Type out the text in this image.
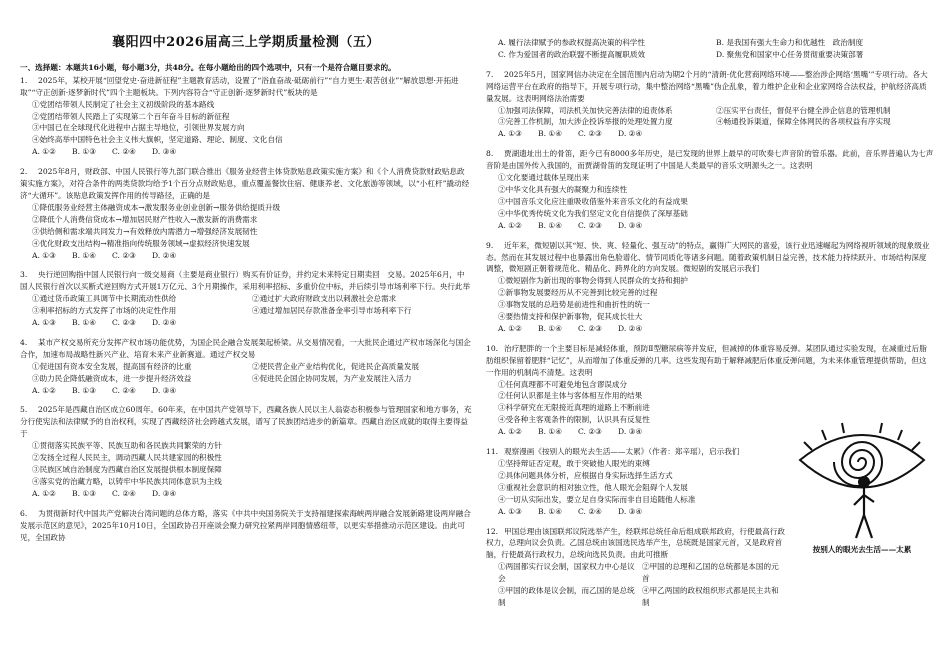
襄阳四中2026届高三上学期质量检测（五）
一、选择题：本题共16小题，每小题3分，共48分。在每小题给出的四个选项中，只有一个是符合题目要求的。
1. 2025年，某校开展“回望党史·奋进新征程”主题教育活动，设置了“浴血奋战·砥砺前行”“自力更生·艰苦创业”“解放思想·开拓进取”“守正创新·逐梦新时代”四个主题板块。下列内容符合“守正创新·逐梦新时代”板块的是
①党团结带领人民制定了社会主义初级阶段的基本路线
②党团结带领人民踏上了实现第二个百年奋斗目标的新征程
③中国已在全球现代化进程中占据主导地位，引领世界发展方向
④始终高举中国特色社会主义伟大旗帜，坚定道路、理论、制度、文化自信
A. ①②	B. ①③	C. ②④	D. ③④
2. 2025年8月，财政部、中国人民银行等九部门联合推出《服务业经营主体贷款贴息政策实施方案》和《个人消费贷款财政贴息政策实施方案》，对符合条件的两类贷款均给予1个百分点财政贴息，重点覆盖餐饮住宿、健康养老、文化旅游等领域，以“小杠杆”撬动经济“大循环”。该贴息政策发挥作用的传导路径，正确的是
①降低服务业经营主体融资成本→激发服务业创业创新→服务供给提质升级
②降低个人消费信贷成本→增加居民财产性收入→激发新的消费需求
③供给侧和需求端共同发力→有效释放内需潜力→增强经济发展韧性
④优化财政支出结构→精准指向传统服务领域→虚拟经济快速发展
A. ①③	B. ①④	C. ②③	D. ②④
3. 央行逆回购指中国人民银行向一级交易商（主要是商业银行）购买有价证券，并约定未来特定日期卖回　交易。2025年6月，中国人民银行首次以买断式逆回购方式开展1万亿元、3个月期操作，采用利率招标、多重价位中标，并后续引导市场利率下行。央行此举
①通过货币政策工具调节中长期流动性供给	②通过扩大政府财政支出以刺激社会总需求
③利率招标的方式发挥了市场的决定性作用	④通过增加居民存款准备金率引导市场利率下行
A. ①③	B. ①④	C. ②③	D. ②④
4. 某市产权交易所充分发挥产权市场功能优势，为国企民企融合发展架起桥梁。从交易情况看，一大批民企通过产权市场深化与国企合作，加速布局战略性新兴产业、培育未来产业新赛道。通过产权交易
①促进国有资本安全发展，提高国有经济的比重	②使民营企业产业结构优化，促进民企高质量发展
③助力民企降低融资成本，进一步提升经济效益	④促进民企国企协同发展，为产业发展注入活力
A. ①②	B. ①③	C. ②④	D. ③④
5. 2025年是西藏自治区成立60周年。60年来，在中国共产党领导下，西藏各族人民以主人翁姿态积极参与管理国家和地方事务，充分行使宪法和法律赋予的自治权利，实现了西藏经济社会跨越式发展，谱写了民族团结进步的新篇章。西藏自治区成就的取得主要得益于
①贯彻落实民族平等、民族互助和各民族共同繁荣的方针
②发扬全过程人民民主，调动西藏人民共建家园的积极性
③民族区域自治制度为西藏自治区发展提供根本制度保障
④落实党的治藏方略，以铸牢中华民族共同体意识为主线
A. ①②	B. ①③	C. ②④	D. ③④
6. 为贯彻新时代中国共产党解决台湾问题的总体方略，落实《中共中央国务院关于支持福建探索海峡两岸融合发展新路建设两岸融合发展示范区的意见》，2025年10月10日，全国政协召开座谈会聚力研究拉紧两岸同胞情感纽带，以更实举措推动示范区建设。由此可见，全国政协
A. 履行法律赋予的参政权提高决策的科学性	B. 是我国有强大生命力和优越性　政治制度
C. 作为爱国者的政治联盟不断提高履职质效	D. 聚焦党和国家中心任务贯彻重要决策部署
7. 2025年5月，国家网信办决定在全国范围内启动为期2个月的“清朗·优化营商网络环境——整治涉企网络‘黑嘴’”专项行动。各大网络运营平台在政府的指导下，开展专项行动，集中整治网络“黑嘴”伪企乱象，着力维护企业和企业家网络合法权益，护航经济高质量发展。这表明网络法治需要
①加强司法保障，司法机关加快完善法律的追责体系	②压实平台责任，督促平台健全涉企信息的管理机制
③完善工作机制，加大涉企投诉举报的处理处置力度	④畅通投诉渠道，保障全体网民的各项权益有序实现
A. ①③	B. ①④	C. ②③	D. ②④
8. 贾湖遗址出土的骨笛，距今已有8000多年历史，是已发现的世界上最早的可吹奏七声音阶的管乐器。此前，音乐界普遍认为七声音阶是由国外传入我国的，而贾湖骨笛的发现证明了中国是人类最早的音乐文明源头之一。这表明
①文化要通过载体呈现出来
②中华文化具有强大的凝聚力和连续性
③中国音乐文化应注重吸收借鉴外来音乐文化的有益成果
④中华优秀传统文化为我们坚定文化自信提供了深厚基础
A. ①②	B. ①④	C. ②③	D. ③④
9. 近年来，微短剧以其“短、快、爽、轻量化、强互动”的特点，赢得广大网民的喜爱，该行业迅速崛起为网络视听领域的现象级业态。然而在其发展过程中也暴露出角色脸谱化、情节同质化等诸多问题。随着政策机制日益完善，技术能力持续跃升、市场结构深度调整，微短剧正朝着规范化、精品化、跨界化的方向发展。微短剧的发展启示我们
①微短剧作为新出现的事物会得到人民群众的支持和拥护
②新事物发展要经历从不完善到比较完善的过程
③事物发展的总趋势是前进性和曲折性的统一
④要热情支持和保护新事物，促其成长壮大
A. ①②	B. ①④	C. ②③	D. ②④
10. 治疗肥胖的一个主要目标是减轻体重，预防Ⅱ型糖尿病等并发症，但减掉的体重容易反弹。某团队通过实验发现，在减重过后脂肪组织保留着肥胖“记忆”，从而增加了体重反弹的几率。这些发现有助于解释减肥后体重反弹问题，为未来体重管理提供帮助，但这一作用的机制尚不清楚。这表明
①任何真理都不可避免地包含谬误成分
②任何认识都是主体与客体相互作用的结果
③科学研究在无限接近真理的道路上不断前进
④受各种主客观条件的限制，认识具有反复性
A. ①②	B. ①④	C. ②③	D. ③④
11. 观察漫画《按别人的眼光去生活——太累》（作者：郑辛瑶），启示我们
①坚持辩证否定观，敢于突破他人眼光的束缚
②具体问题具体分析，应根据自身实际选择生活方式
③重视社会意识的相对独立性，他人眼光会阻碍个人发展
④一切从实际出发，要立足自身实际而非自目追随他人标准
A. ①③	B. ①④	C. ②④	D. ③④
12. 甲国总理由该国联邦议院选举产生，经联邦总统任命后组成联邦政府，行使最高行政权力，总理向议会负责。乙国总统由该国选民选举产生，总统既是国家元首，又是政府首脑，行使最高行政权力，总统向选民负责。由此可推断
①两国都实行议会制，国家权力中心是议会
②甲国的总理和乙国的总统都是本国的元首
③甲国的政体是议会制，而乙国的是总统制
④甲乙两国的政权组织形式都是民主共和制
按别人的眼光去生活——太累
